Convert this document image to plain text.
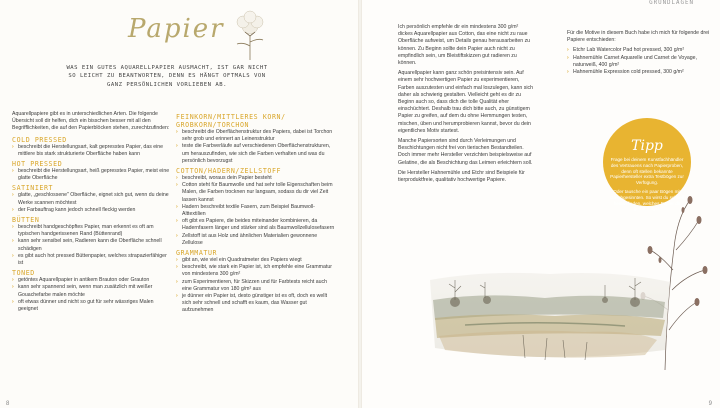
Papier
WAS EIN GUTES AQUARELLPAPIER AUSMACHT, IST GAR NICHT SO LEICHT ZU BEANTWORTEN, DENN ES HÄNGT OFTMALS VON GANZ PERSÖNLICHEN VORLIEBEN AB.
Aquarellpapiere gibt es in unterschiedlichen Arten. Die folgende Übersicht soll dir helfen, dich ein bisschen besser mit all den Begrifflichkeiten, die auf den Papierblöcken stehen, zurechtzufinden:
COLD PRESSED
› beschreibt die Herstellungsart, kalt gepresstes Papier, das eine mittlere bis stark strukturierte Oberfläche haben kann
HOT PRESSED
› beschreibt die Herstellungsart, heiß gepresstes Papier, meist eine glatte Oberfläche
SATINIERT
› glatte, „geschlossene" Oberfläche, eignet sich gut, wenn du deine Werke scannen möchtest
› der Farbauftrag kann jedoch schnell fleckig werden
BÜTTEN
› beschreibt handgeschöpftes Papier, man erkennt es oft am typischen handgerissenen Rand (Büttenrand)
› kann sehr sensibel sein, Radieren kann die Oberfläche schnell schädigen
› es gibt auch hot pressed Büttenpapier, welches strapazierfähiger ist
TONED
› getöntes Aquarellpapier in antikem Brauton oder Grauton
› kann sehr spannend sein, wenn man zusätzlich mit weißer Gouachefarbe malen möchte
› oft etwas dünner und nicht so gut für sehr wässriges Malen geeignet
FEINKORN/MITTLERES KORN/ GROBKORN/TORCHON
› beschreibt die Oberflächenstruktur des Papiers, dabei ist Torchon sehr grob und erinnert an Leinenstruktur
› teste die Farbverläufe auf verschiedenen Oberflächenstrukturen, um herauszufinden, wie sich die Farben verhalten und was du persönlich bevorzugst
COTTON/HADERN/ZELLSTOFF
› beschreibt, woraus dein Papier besteht
› Cotton steht für Baumwolle und hat sehr tolle Eigenschaften beim Malen, die Farben trocknen nur langsam, sodass du dir viel Zeit lassen kannst
› Hadern beschreibt textile Fasern, zum Beispiel Baumwoll-Alttextilien
› oft gibt es Papiere, die beides miteinander kombinieren, da Hadernfasern länger und stärker sind als Baumwollzellulosefasern
› Zellstoff ist aus Holz und ähnlichen Materialien gewonnene Zellulose
GRAMMATUR
› gibt an, wie viel ein Quadratmeter des Papiers wiegt
› beschreibt, wie stark ein Papier ist, ich empfehle eine Grammatur von mindestens 300 g/m²
› zum Experimentieren, für Skizzen und für Farbtests reicht auch eine Grammatur von 180 g/m² aus
› je dünner ein Papier ist, desto günstiger ist es oft, doch es wellt sich sehr schnell und schafft es kaum, das Wasser gut aufzunehmen
8
GRUNDLAGEN
Ich persönlich empfehle dir ein mindestens 300 g/m² dickes Aquarellpapier aus Cotton, das eine nicht zu raue Oberfläche aufweist, um Details genau herausarbeiten zu können. Zu Beginn sollte dein Papier auch nicht zu empfindlich sein, um Bleistiftskizzen gut radieren zu können.
Aquarellpapier kann ganz schön preisintensiv sein. Auf einem sehr hochwertigen Papier zu experimentieren, Farben auszutesten und einfach mal loszulegen, kann sich daher als schwierig gestalten. Vielleicht geht es dir zu Beginn auch so, dass dich die tolle Qualität eher einschüchtert. Deshalb trau dich bitte auch, zu günstigem Papier zu greifen, auf dem du ohne Hemmungen testen, mischen, üben und herumprobieren kannst, bevor du dein eigentliches Motiv startest.
Manche Papiersorten sind durch Verleimungen und Beschichtungen nicht frei von tierischen Bestandteilen. Doch immer mehr Hersteller verzichten beispielsweise auf Gelatine, die als Beschichtung das Leimen erleichtern soll.
Die Hersteller Hahnemühle und Etchr sind Beispiele für tierproduktfreie, qualitativ hochwertige Papiere.
Für die Motive in diesem Buch habe ich mich für folgende drei Papiere entschieden:
› Etchr Lab Watercolor Pad hot pressed, 300 g/m²
› Hahnemühle Carnet Aquarelle und Carnet de Voyage, naturweiß, 400 g/m²
› Hahnemühle Expression cold pressed, 300 g/m²
Tipp
Frage bei deinem Kunstfachhändler des Vertrauens nach Papierproben, denn oft stellen bekannte Papierhersteller extra Testbögen zur Verfügung.
Oder tausche ein paar Bögen mit Gleichgesinnten. So wirst du schnell herausfinden, welches Papier dir gerne magst.
9
